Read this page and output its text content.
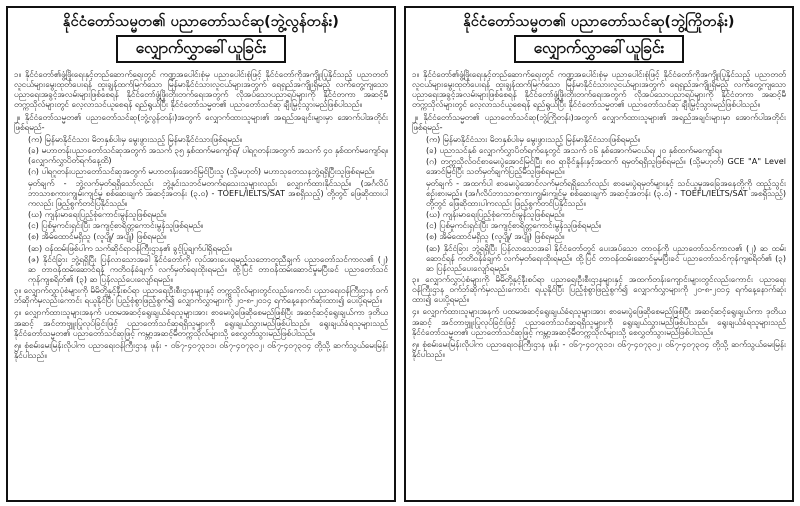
နိုင်ငံတော်သမ္မတ၏ ပညာတော်သင်ဆု(ဘွဲ့လွန်တန်း)
လျှောက်လွှာခေါ်ယူခြင်း

၁။ နိုင်ငံတော်၏ဖွံ့ဖြိုးရေးနှင့်တည်ဆောက်ရေးတွင် ကဏ္ဍအပေါင်းစုံမှ ပညာပေါင်းစုံဖြင့် နိုင်ငံတော်ကိုအကျိုးပြုနိုင်သည့် ပညာတတ်လူငယ်များမွေးထုတ်ပေးရန် ထူးချွန်ထက်မြက်သော မြန်မာနိုင်ငံသားလူငယ်များအတွက် ရေရှည်အကျိုးရှိမည့် လက်တွေ့ကျသော ပညာရေးအခွင့်အလမ်းများဖြစ်စေရန် နိုင်ငံတော်ဖွံ့ဖြိုးတိုးတက်ရေးအတွက် လိုအပ်သောပညာရပ်များကို နိုင်ငံတကာ အဆင့်မီတက္ကသိုလ်များတွင် လေ့လာသင်ယူစေရန် ရည်ရွယ်ပြီး နိုင်ငံတော်သမ္မတ၏ ပညာတော်သင်ဆု ချီးမြှင့်သွားမည်ဖြစ်ပါသည်။

၂။ နိုင်ငံတော်သမ္မတ၏ ပညာတော်သင်ဆု(ဘွဲ့လွန်တန်း)အတွက် လျှောက်ထားသူများ၏ အရည်အချင်းများမှာ အောက်ပါအတိုင်း ဖြစ်ရမည်-

(က) မြန်မာနိုင်ငံသား မိဘနှစ်ပါးမှ မွေးဖွားသည့် မြန်မာနိုင်ငံသားဖြစ်ရမည်။

(ခ) မဟာတန်းပညာတော်သင်ဆုအတွက် အသက် ၃၅ နှစ်ထက်မကျော်ရ/ ပါရဂူတန်းအတွက် အသက် ၄၀ နှစ်ထက်မကျော်ရ။ (လျှောက်လွှာပိတ်ရက်နေ့ထိ)

(ဂ) ပါရဂူတန်းပညာတော်သင်ဆုအတွက် မဟာတန်းအောင်မြင်ပြီးသူ (သို့မဟုတ်) မဟာသုတေသနဘွဲ့ရရှိပြီးသူဖြစ်ရမည်။

မှတ်ချက် - ဘွဲ့လက်မှတ်ရရှိသော်လည်း ဘွဲ့နှင်းသဘင်မတက်ရသေးသူများလည်း လျှောက်ထားနိုင်သည်။ (အင်္ဂလိပ်ဘာသာစကားကျွမ်းကျင်မှု စစ်ဆေးချက် အဆင့်အတန်း (၃.၀) - TOEFL/IELTS/SAT အစရှိသည့်) တို့တွင် ဖြေဆိုထားပါကလည်း ဖြည့်စွက်တင်ပြနိုင်သည်။

(ဃ) ကျန်းမာရေးပြည့်စုံကောင်းမွန်သူဖြစ်ရမည်။

(င) ပြစ်မှုကင်းရှင်းပြီး အကျင့်စာရိတ္တကောင်းမွန်သူဖြစ်ရမည်။

(စ) အိမ်ထောင်မရှိသူ (လူပျို/ အပျို) ဖြစ်ရမည်။

(ဆ) ဝန်ထမ်းဖြစ်ပါက သက်ဆိုင်ရာဝန်ကြီးဌာန၏ ခွင့်ပြုချက်ပါရှိရမည်။

(ဇ) နိုင်ငံခြား ဘွဲ့ရရှိပြီး ပြန်လာသောအခါ နိုင်ငံတော်ကို လုပ်အားပေးရမည့်သဘောတူညီချက် ပညာတော်သင်ကာလ၏ (၂) ဆ တာဝန်ထမ်းဆောင်ရန် ကတိဝန်ခံချက် လက်မှတ်ရေးထိုးရမည်။ ထို့ပြင် တာဝန်ထမ်းဆောင်မှုမပြီးခင် ပညာတော်သင်ကုန်ကျစရိတ်၏ (၃) ဆ ပြန်လည်ပေးလျော်ရမည်။

၃။ လျှောက်လွှာပုံစံများကို မိမိတို့နှင့်နီးစပ်ရာ ပညာရေးဦးစီးဌာနများနှင့် တက္ကသိုလ်များတွင်လည်းကောင်း ပညာရေးဝန်ကြီးဌာန ဝက်ဘ်ဆိုက်မှလည်းကောင်း ရယူနိုင်ပြီး ပြည့်စုံစွာဖြည့်စွက်၍ လျှောက်လွှာများကို ၂၀-၈-၂၀၁၄ ရက်နေ့နောက်ဆုံးထား၍ ပေးပို့ရမည်။

၄။ လျှောက်ထားသူများအနက် ပထမအဆင့်ရွေးချယ်ခံရသူများအား စာမေးပွဲဖြေဆိုစေမည်ဖြစ်ပြီး အဆင့်ဆင့်ရွေးချယ်ကာ ဒုတိယအဆင့် အင်တာဗျူးပြုလုပ်ခြင်းဖြင့် ပညာတော်သင်ဆုရရှိသူများကို ရွေးချယ်သွားမည်ဖြစ်ပါသည်။ ရွေးချယ်ခံရသူများသည် နိုင်ငံတော်သမ္မတ၏ ပညာတော်သင်ဆုဖြင့် ကမ္ဘာ့အဆင့်မီတက္ကသိုလ်များသို့ စေလွှတ်သွားမည်ဖြစ်ပါသည်။

၅။ စုံစမ်းမေးမြန်းလိုပါက ပညာရေးဝန်ကြီးဌာန ဖုန်း - ၀၆၇-၄၀၇၃၁၁၊ ၀၆၇-၄၀၇၃၀၂၊ ၀၆၇-၄၀၇၃၀၄ တို့သို့ ဆက်သွယ်မေးမြန်းနိုင်ပါသည်။

နိုင်ငံတော်သမ္မတ၏ ပညာတော်သင်ဆု(ဘွဲ့ကြိုတန်း)
လျှောက်လွှာခေါ်ယူခြင်း

၁။ နိုင်ငံတော်၏ဖွံ့ဖြိုးရေးနှင့်တည်ဆောက်ရေးတွင် ကဏ္ဍအပေါင်းစုံမှ ပညာပေါင်းစုံဖြင့် နိုင်ငံတော်ကိုအကျိုးပြုနိုင်သည့် ပညာတတ်လူငယ်များမွေးထုတ်ပေးရန် ထူးချွန်ထက်မြက်သော မြန်မာနိုင်ငံသားလူငယ်များအတွက် ရေရှည်အကျိုးရှိမည့် လက်တွေ့ကျသော ပညာရေးအခွင့်အလမ်းများဖြစ်စေရန် နိုင်ငံတော်ဖွံ့ဖြိုးတိုးတက်ရေးအတွက် လိုအပ်သောပညာရပ်များကို နိုင်ငံတကာ အဆင့်မီတက္ကသိုလ်များတွင် လေ့လာသင်ယူစေရန် ရည်ရွယ်ပြီး နိုင်ငံတော်သမ္မတ၏ ပညာတော်သင်ဆု ချီးမြှင့်သွားမည်ဖြစ်ပါသည်။

၂။ နိုင်ငံတော်သမ္မတ၏ ပညာတော်သင်ဆု(ဘွဲ့ကြိုတန်း)အတွက် လျှောက်ထားသူများ၏ အရည်အချင်းများမှာ အောက်ပါအတိုင်း ဖြစ်ရမည်-

(က) မြန်မာနိုင်ငံသား မိဘနှစ်ပါးမှ မွေးဖွားသည့် မြန်မာနိုင်ငံသားဖြစ်ရမည်။

(ခ) ပညာသင်နှစ် လျှောက်လွှာပိတ်ရက်နေ့တွင် အသက် ၁၆ နှစ်အောက်မငယ်ရ၊ ၂၀ နှစ်ထက်မကျော်ရ။

(ဂ) တက္ကသိုလ်ဝင်စာမေးပွဲအောင်မြင်ပြီး ၈၀ ရာခိုင်နှုန်းနှင့်အထက် ရမှတ်ရရှိသူဖြစ်ရမည်။ (သို့မဟုတ်) GCE "A" Level အောင်မြင်ပြီး သတ်မှတ်ချက်ပြည့်မီသူဖြစ်ရမည်။

မှတ်ချက် - အထက်ပါ စာမေးပွဲအောင်လက်မှတ်ရရှိသော်လည်း စာမေးပွဲရမှတ်များနှင့် သင်ယူမှုအခြေအနေတို့ကို ထည့်သွင်းစဉ်းစားမည်။ (အင်္ဂလိပ်ဘာသာစကားကျွမ်းကျင်မှု စစ်ဆေးချက် အဆင့်အတန်း (၃.၀) - TOEFL/IELTS/SAT အစရှိသည့်) တို့တွင် ဖြေဆိုထားပါကလည်း ဖြည့်စွက်တင်ပြနိုင်သည်။

(ဃ) ကျန်းမာရေးပြည့်စုံကောင်းမွန်သူဖြစ်ရမည်။

(င) ပြစ်မှုကင်းရှင်းပြီး အကျင့်စာရိတ္တကောင်းမွန်သူဖြစ်ရမည်။

(စ) အိမ်ထောင်မရှိသူ (လူပျို/ အပျို) ဖြစ်ရမည်။

(ဆ) နိုင်ငံခြား ဘွဲ့ရရှိပြီး ပြန်လာသောအခါ နိုင်ငံတော်တွင် ပေးအပ်သော တာဝန်ကို ပညာတော်သင်ကာလ၏ (၂) ဆ ထမ်းဆောင်ရန် ကတိဝန်ခံချက် လက်မှတ်ရေးထိုးရမည်။ ထို့ပြင် တာဝန်ထမ်းဆောင်မှုမပြီးခင် ပညာတော်သင်ကုန်ကျစရိတ်၏ (၃) ဆ ပြန်လည်ပေးလျော်ရမည်။

၃။ လျှောက်လွှာပုံစံများကို မိမိတို့နှင့်နီးစပ်ရာ ပညာရေးဦးစီးဌာနများနှင့် အထက်တန်းကျောင်းများတွင်လည်းကောင်း ပညာရေးဝန်ကြီးဌာန ဝက်ဘ်ဆိုက်မှလည်းကောင်း ရယူနိုင်ပြီး ပြည့်စုံစွာဖြည့်စွက်၍ လျှောက်လွှာများကို ၂၀-၈-၂၀၁၄ ရက်နေ့နောက်ဆုံးထား၍ ပေးပို့ရမည်။

၄။ လျှောက်ထားသူများအနက် ပထမအဆင့်ရွေးချယ်ခံရသူများအား စာမေးပွဲဖြေဆိုစေမည်ဖြစ်ပြီး အဆင့်ဆင့်ရွေးချယ်ကာ ဒုတိယအဆင့် အင်တာဗျူးပြုလုပ်ခြင်းဖြင့် ပညာတော်သင်ဆုရရှိသူများကို ရွေးချယ်သွားမည်ဖြစ်ပါသည်။ ရွေးချယ်ခံရသူများသည် နိုင်ငံတော်သမ္မတ၏ ပညာတော်သင်ဆုဖြင့် ကမ္ဘာ့အဆင့်မီတက္ကသိုလ်များသို့ စေလွှတ်သွားမည်ဖြစ်ပါသည်။

၅။ စုံစမ်းမေးမြန်းလိုပါက ပညာရေးဝန်ကြီးဌာန ဖုန်း - ၀၆၇-၄၀၇၃၁၁၊ ၀၆၇-၄၀၇၃၀၂၊ ၀၆၇-၄၀၇၃၀၄ တို့သို့ ဆက်သွယ်မေးမြန်းနိုင်ပါသည်။
